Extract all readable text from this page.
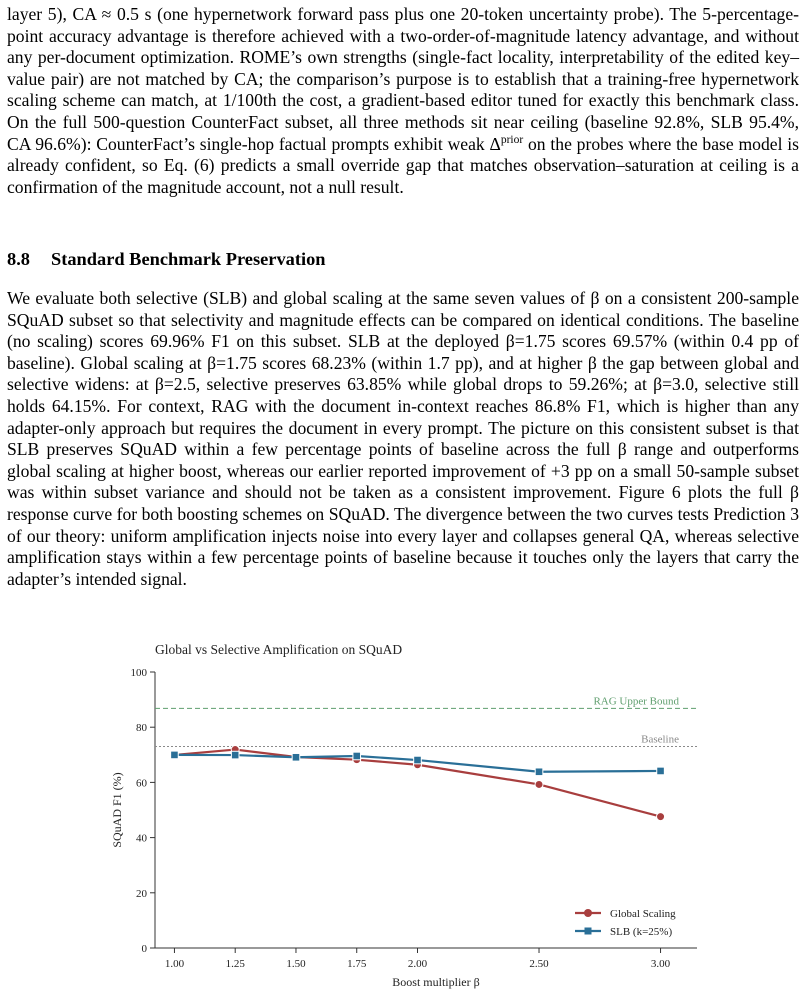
layer 5), CA ≈ 0.5 s (one hypernetwork forward pass plus one 20-token uncertainty probe). The 5-percentage-point accuracy advantage is therefore achieved with a two-order-of-magnitude latency advantage, and without any per-document optimization. ROME’s own strengths (single-fact locality, interpretability of the edited key–value pair) are not matched by CA; the comparison’s purpose is to establish that a training-free hypernetwork scaling scheme can match, at 1/100th the cost, a gradient-based editor tuned for exactly this benchmark class. On the full 500-question CounterFact subset, all three methods sit near ceiling (baseline 92.8%, SLB 95.4%, CA 96.6%): CounterFact’s single-hop factual prompts exhibit weak $\Delta^{prior}$ on the probes where the base model is already confident, so Eq. (6) predicts a small override gap that matches observation–saturation at ceiling is a confirmation of the magnitude account, not a null result.

8.8 Standard Benchmark Preservation

We evaluate both selective (SLB) and global scaling at the same seven values of β on a consistent 200-sample SQuAD subset so that selectivity and magnitude effects can be compared on identical conditions. The baseline (no scaling) scores 69.96% F1 on this subset. SLB at the deployed β=1.75 scores 69.57% (within 0.4 pp of baseline). Global scaling at β=1.75 scores 68.23% (within 1.7 pp), and at higher β the gap between global and selective widens: at β=2.5, selective preserves 63.85% while global drops to 59.26%; at β=3.0, selective still holds 64.15%. For context, RAG with the document in-context reaches 86.8% F1, which is higher than any adapter-only approach but requires the document in every prompt. The picture on this consistent subset is that SLB preserves SQuAD within a few percentage points of baseline across the full β range and outperforms global scaling at higher boost, whereas our earlier reported improvement of +3 pp on a small 50-sample subset was within subset variance and should not be taken as a consistent improvement. Figure 6 plots the full β response curve for both boosting schemes on SQuAD. The divergence between the two curves tests Prediction 3 of our theory: uniform amplification injects noise into every layer and collapses general QA, whereas selective amplification stays within a few percentage points of baseline because it touches only the layers that carry the adapter’s intended signal.

Global vs Selective Amplification on SQuAD
0
20
40
60
80
100
1.00	1.25	1.50	1.75	2.00	2.50	3.00
Boost multiplier β
SQuAD F1 (%)
RAG Upper Bound
Baseline
Global Scaling
SLB (k=25%)
